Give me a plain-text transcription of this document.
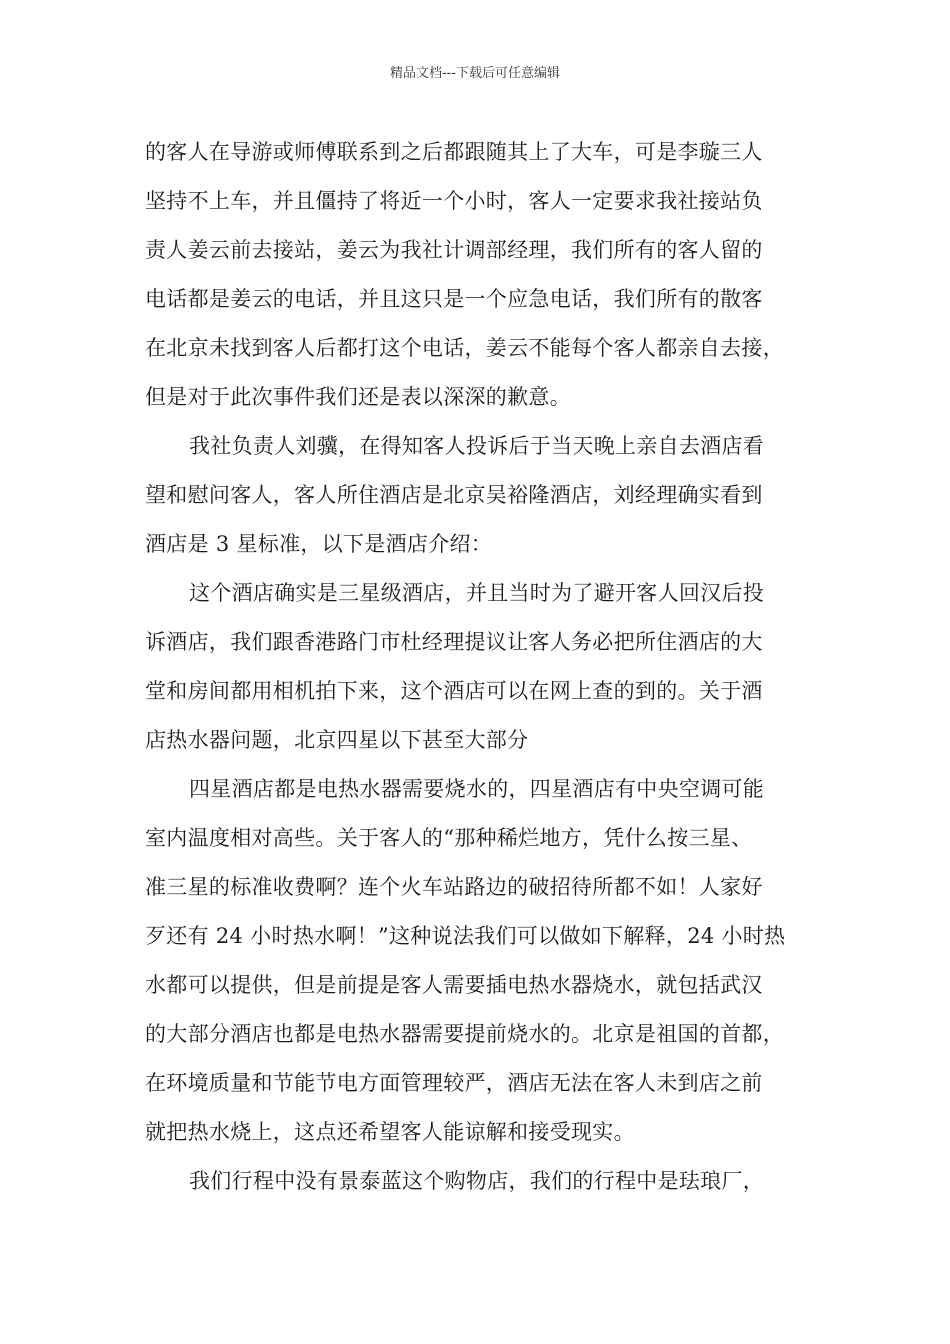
精品文档---下载后可任意编辑
的客人在导游或师傅联系到之后都跟随其上了大车，可是李璇三人
坚持不上车，并且僵持了将近一个小时，客人一定要求我社接站负
责人姜云前去接站，姜云为我社计调部经理，我们所有的客人留的
电话都是姜云的电话，并且这只是一个应急电话，我们所有的散客
在北京未找到客人后都打这个电话，姜云不能每个客人都亲自去接，
但是对于此次事件我们还是表以深深的歉意。
我社负责人刘骥，在得知客人投诉后于当天晚上亲自去酒店看
望和慰问客人，客人所住酒店是北京吴裕隆酒店，刘经理确实看到
酒店是 3 星标准，以下是酒店介绍：
这个酒店确实是三星级酒店，并且当时为了避开客人回汉后投
诉酒店，我们跟香港路门市杜经理提议让客人务必把所住酒店的大
堂和房间都用相机拍下来，这个酒店可以在网上查的到的。关于酒
店热水器问题，北京四星以下甚至大部分
四星酒店都是电热水器需要烧水的，四星酒店有中央空调可能
室内温度相对高些。关于客人的“那种稀烂地方，凭什么按三星、
准三星的标准收费啊？连个火车站路边的破招待所都不如！人家好
歹还有 24 小时热水啊！”这种说法我们可以做如下解释，24 小时热
水都可以提供，但是前提是客人需要插电热水器烧水，就包括武汉
的大部分酒店也都是电热水器需要提前烧水的。北京是祖国的首都，
在环境质量和节能节电方面管理较严，酒店无法在客人未到店之前
就把热水烧上，这点还希望客人能谅解和接受现实。
我们行程中没有景泰蓝这个购物店，我们的行程中是珐琅厂，
